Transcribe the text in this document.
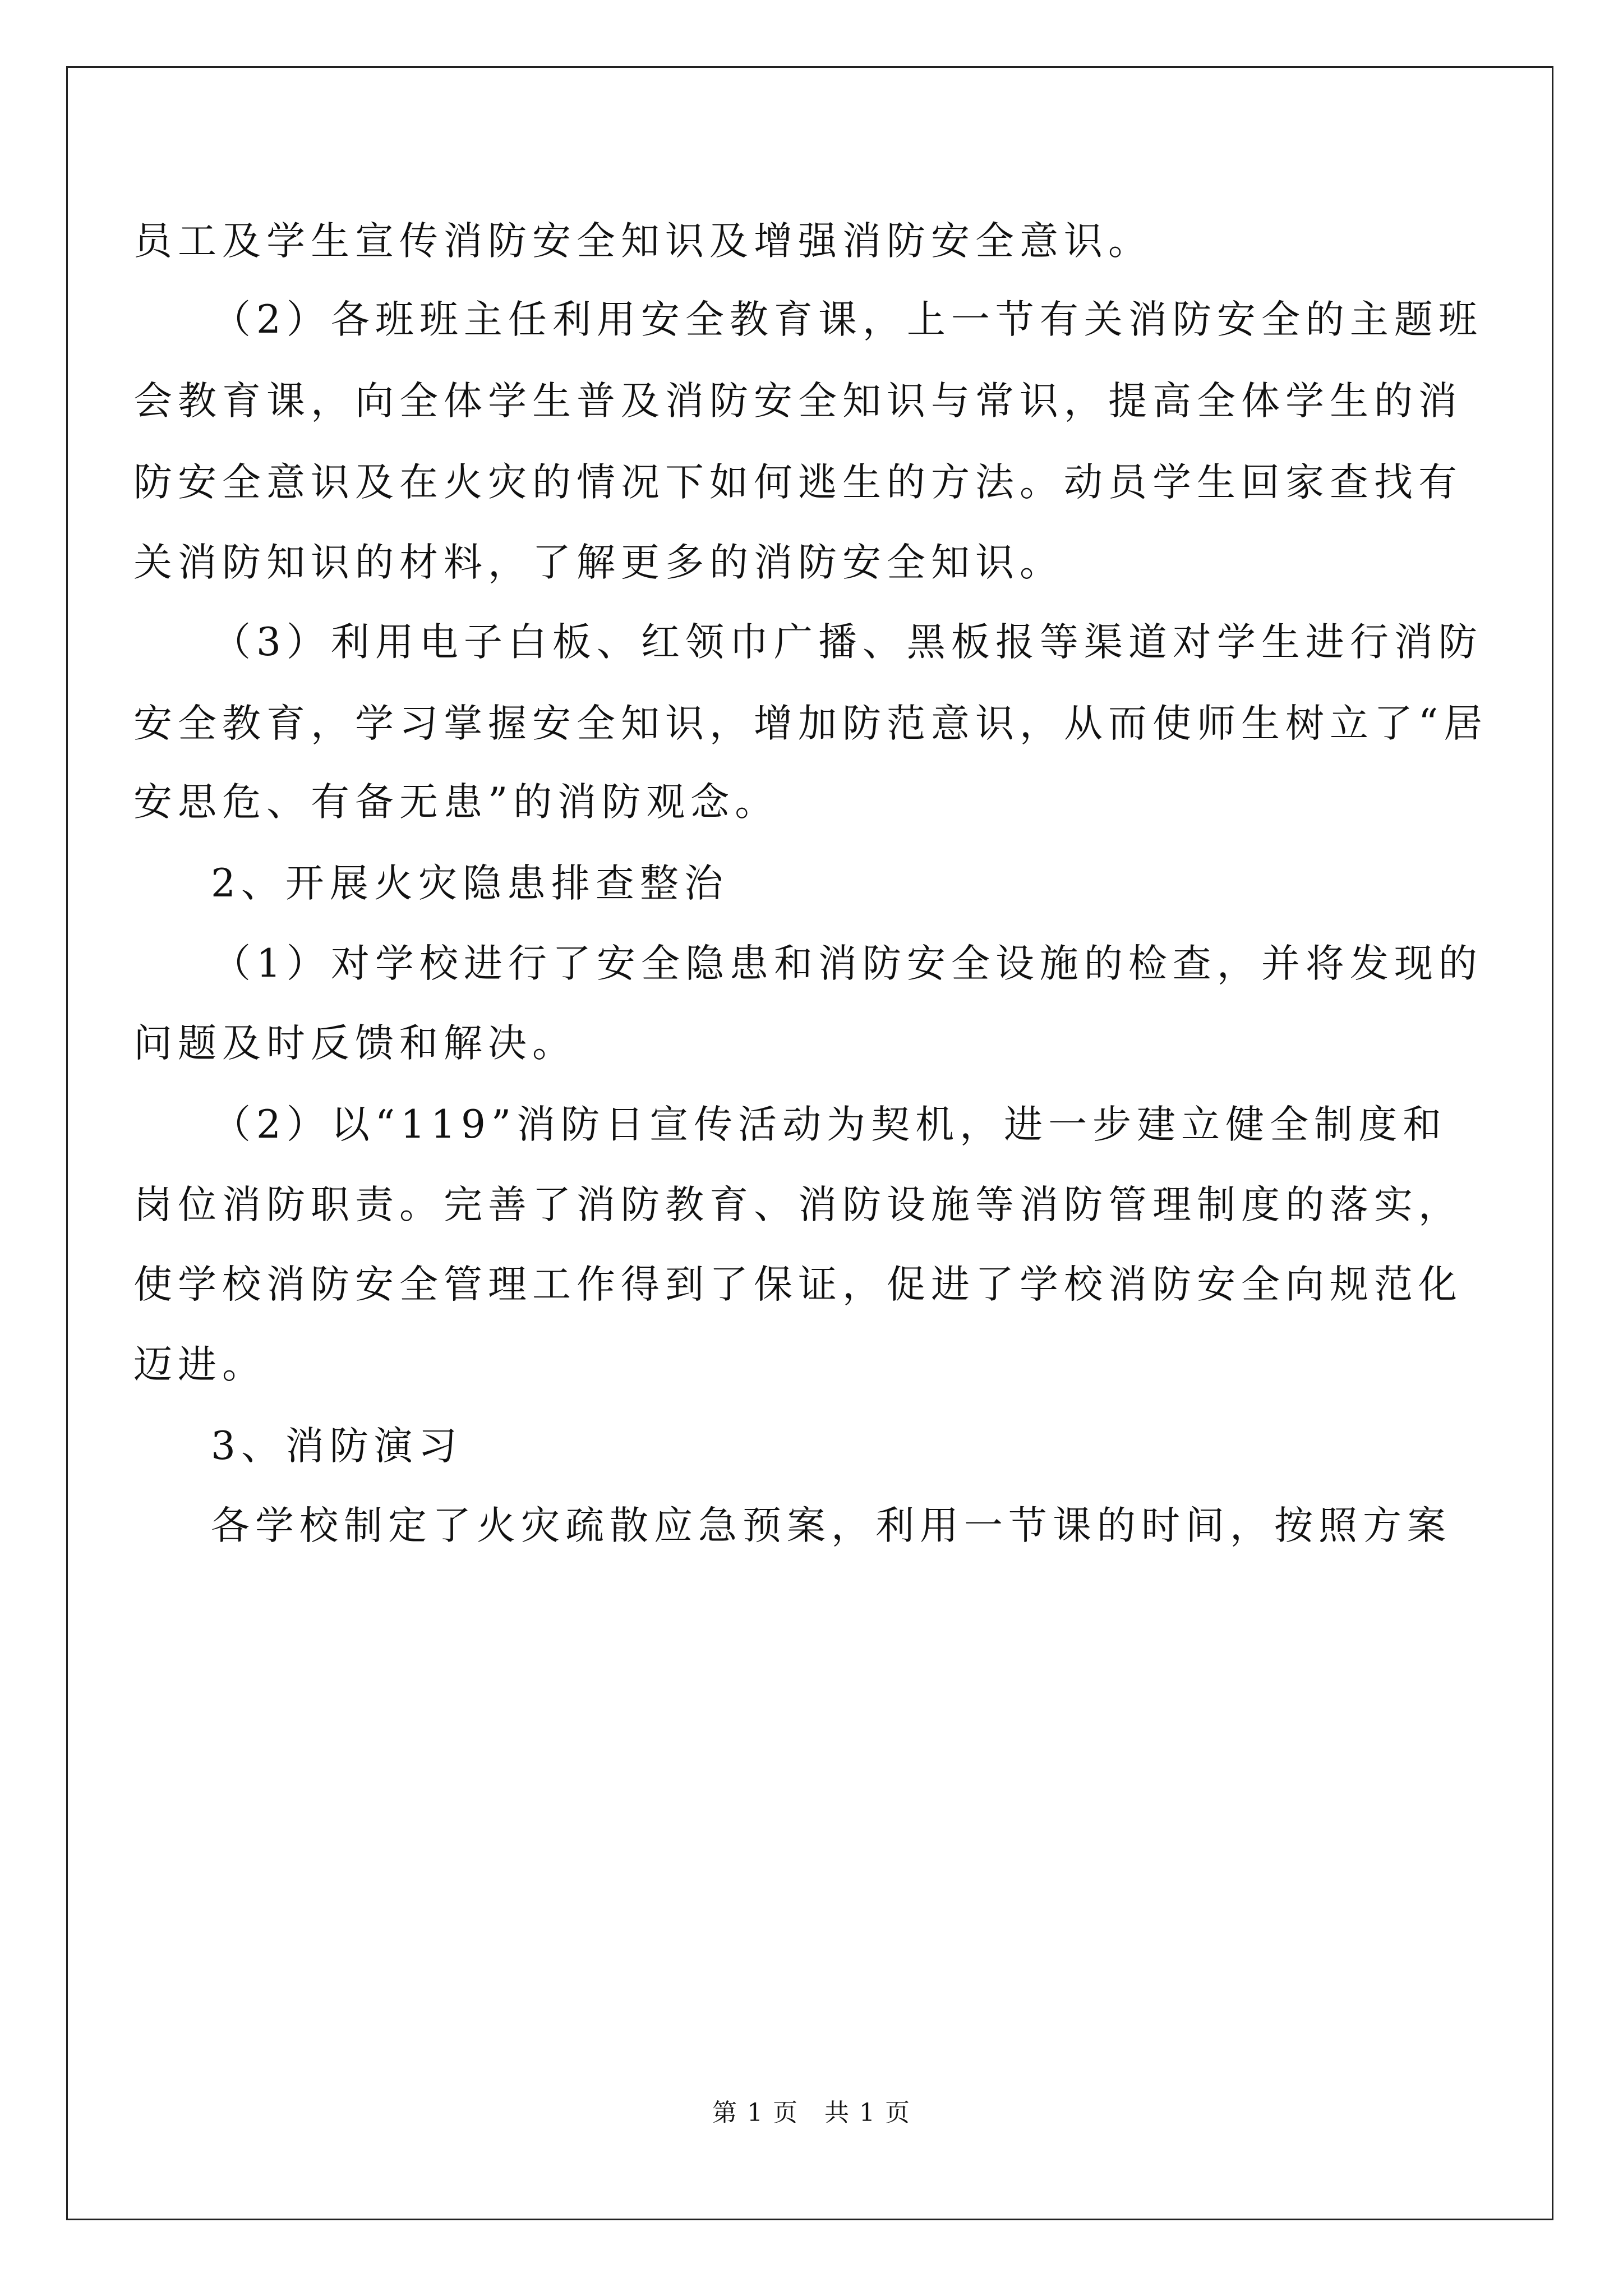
员工及学生宣传消防安全知识及增强消防安全意识。
（2）各班班主任利用安全教育课，上一节有关消防安全的主题班
会教育课，向全体学生普及消防安全知识与常识，提高全体学生的消
防安全意识及在火灾的情况下如何逃生的方法。动员学生回家查找有
关消防知识的材料，了解更多的消防安全知识。
（3）利用电子白板、红领巾广播、黑板报等渠道对学生进行消防
安全教育，学习掌握安全知识，增加防范意识，从而使师生树立了“居
安思危、有备无患”的消防观念。
2、开展火灾隐患排查整治
（1）对学校进行了安全隐患和消防安全设施的检查，并将发现的
问题及时反馈和解决。
（2）以“119”消防日宣传活动为契机，进一步建立健全制度和
岗位消防职责。完善了消防教育、消防设施等消防管理制度的落实，
使学校消防安全管理工作得到了保证，促进了学校消防安全向规范化
迈进。
3、消防演习
各学校制定了火灾疏散应急预案，利用一节课的时间，按照方案
第 1 页　共 1 页
